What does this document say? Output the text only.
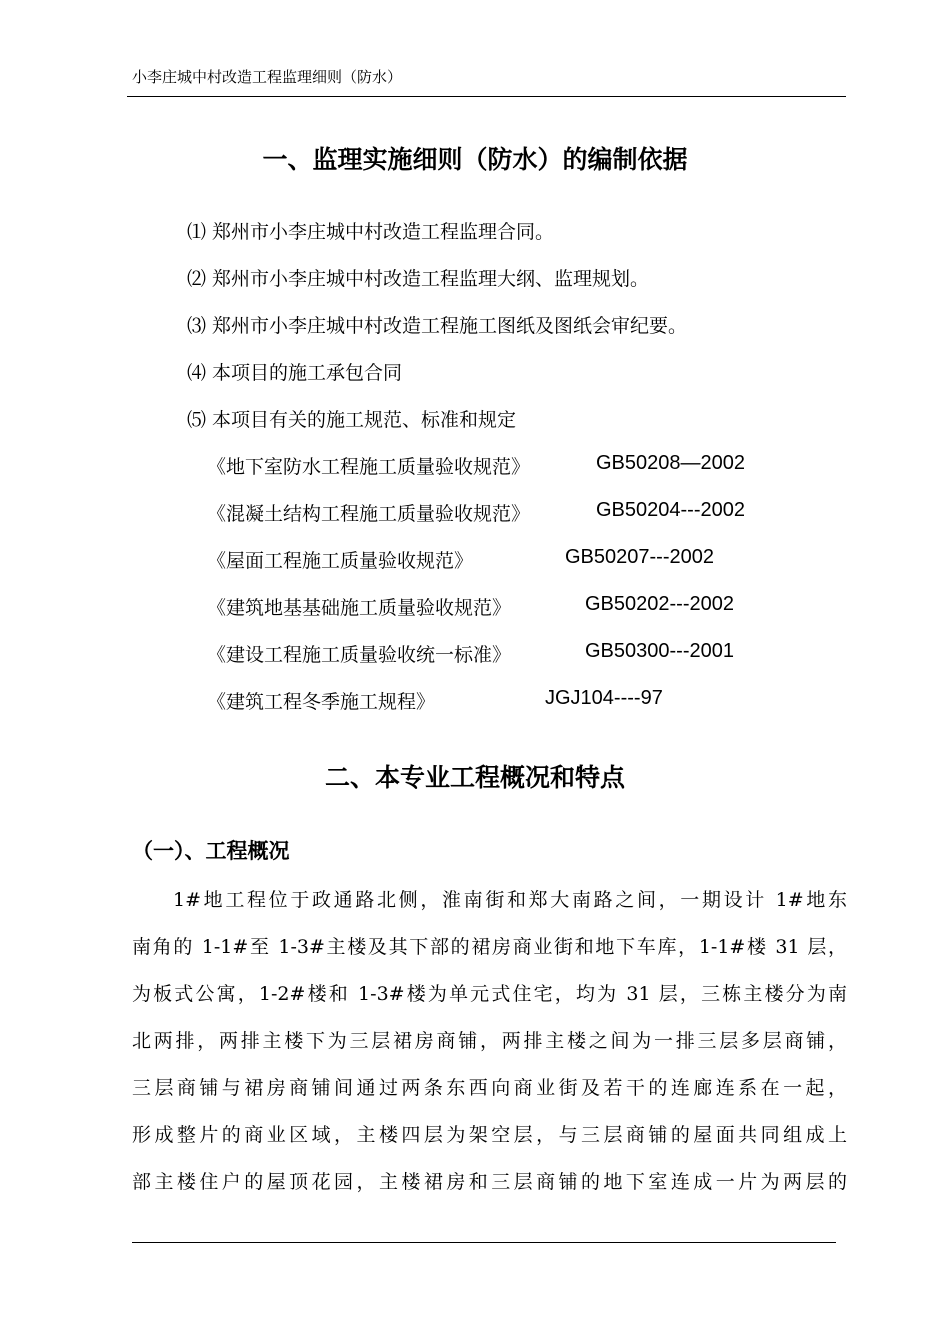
小李庄城中村改造工程监理细则（防水）
一、监理实施细则（防水）的编制依据
⑴ 郑州市小李庄城中村改造工程监理合同。
⑵ 郑州市小李庄城中村改造工程监理大纲、监理规划。
⑶ 郑州市小李庄城中村改造工程施工图纸及图纸会审纪要。
⑷ 本项目的施工承包合同
⑸ 本项目有关的施工规范、标准和规定
《地下室防水工程施工质量验收规范》	GB50208—2002
《混凝土结构工程施工质量验收规范》	GB50204---2002
《屋面工程施工质量验收规范》	GB50207---2002
《建筑地基基础施工质量验收规范》	GB50202---2002
《建设工程施工质量验收统一标准》	GB50300---2001
《建筑工程冬季施工规程》	JGJ104----97
二、本专业工程概况和特点
（一）、工程概况
1#地工程位于政通路北侧，淮南街和郑大南路之间，一期设计 1#地东
南角的 1-1#至 1-3#主楼及其下部的裙房商业街和地下车库，1-1#楼 31 层，
为板式公寓，1-2#楼和 1-3#楼为单元式住宅，均为 31 层，三栋主楼分为南
北两排，两排主楼下为三层裙房商铺，两排主楼之间为一排三层多层商铺，
三层商铺与裙房商铺间通过两条东西向商业街及若干的连廊连系在一起，
形成整片的商业区域，主楼四层为架空层，与三层商铺的屋面共同组成上
部主楼住户的屋顶花园，主楼裙房和三层商铺的地下室连成一片为两层的
